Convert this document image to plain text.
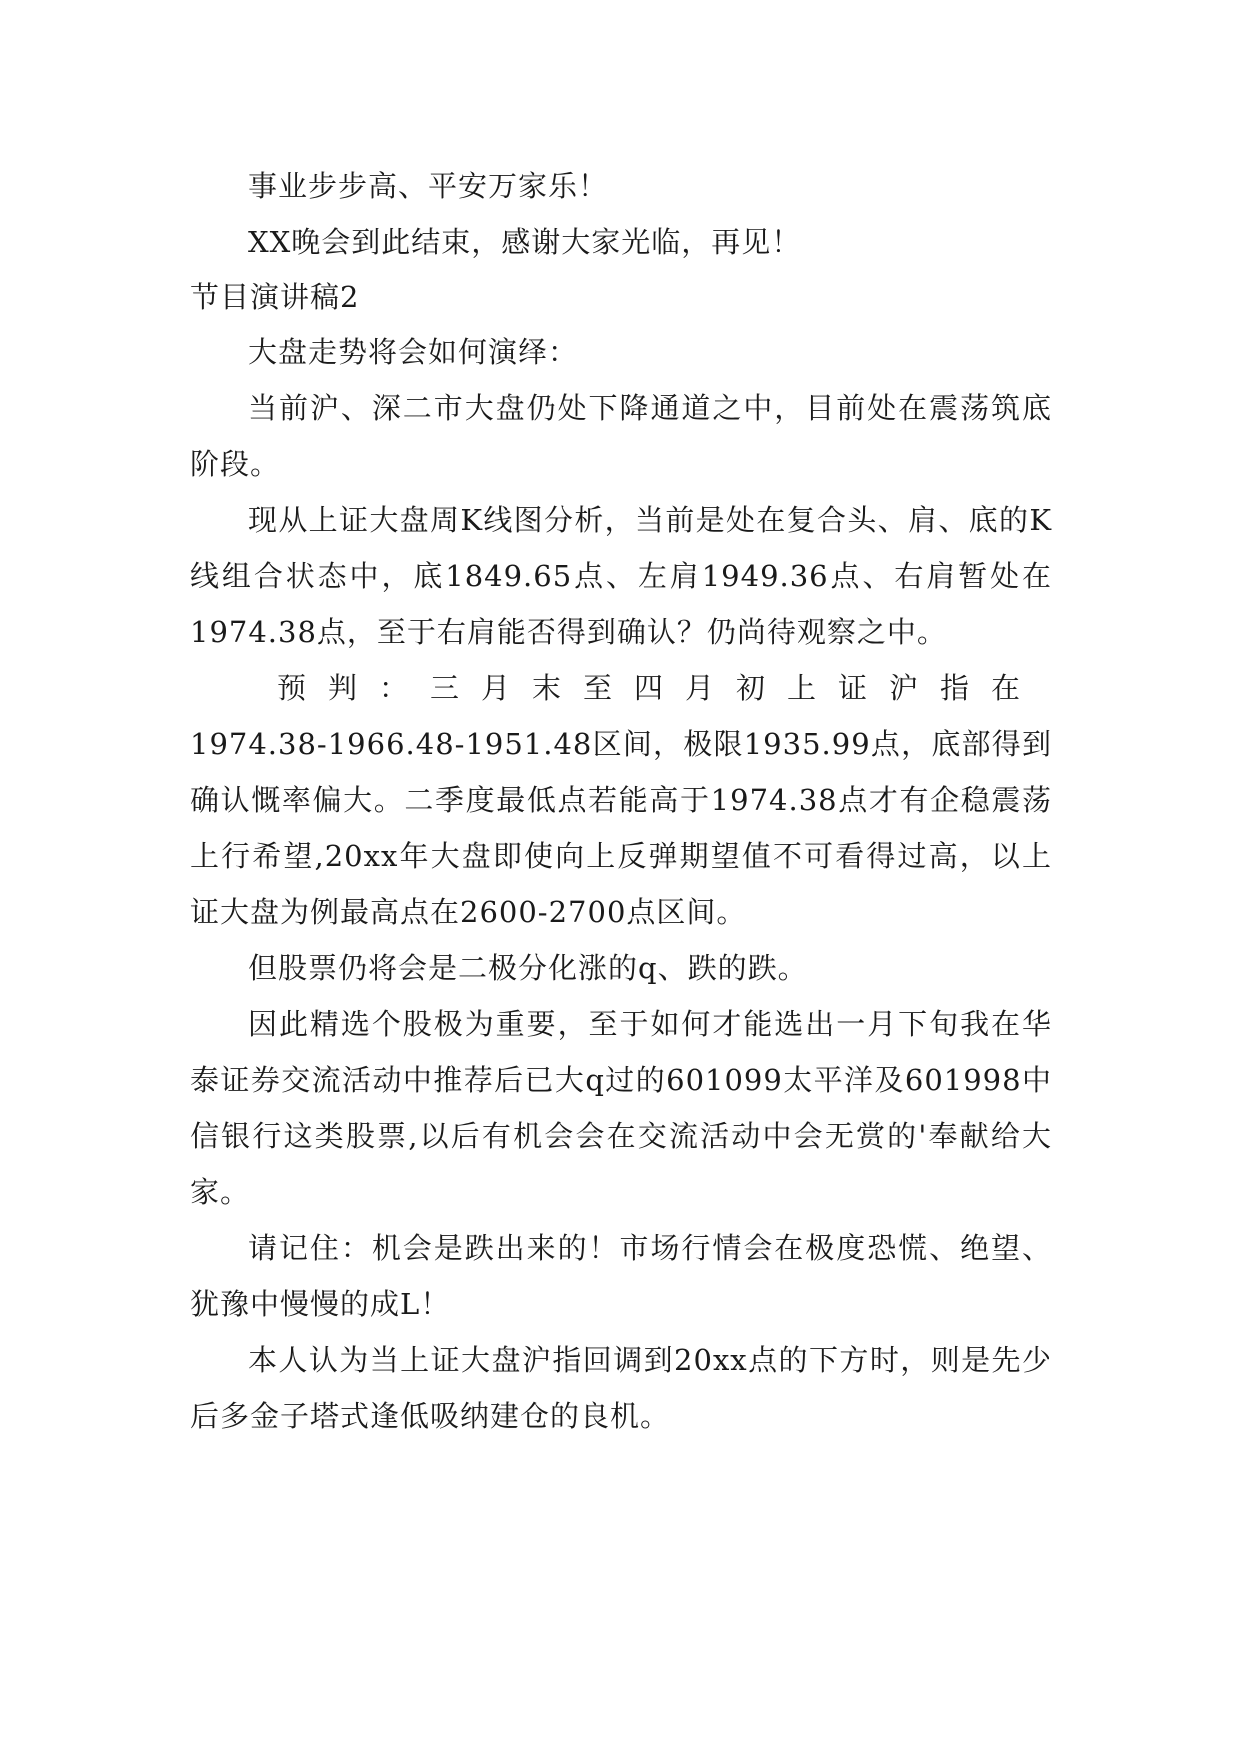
事业步步高、平安万家乐！

XX晚会到此结束，感谢大家光临，再见！

节目演讲稿2

大盘走势将会如何演绎：

当前沪、深二市大盘仍处下降通道之中，目前处在震荡筑底阶段。

现从上证大盘周K线图分析，当前是处在复合头、肩、底的K线组合状态中，底1849.65点、左肩1949.36点、右肩暂处在1974.38点，至于右肩能否得到确认？仍尚待观察之中。

预判：三月末至四月初上证沪指在

1974.38-1966.48-1951.48区间，极限1935.99点，底部得到确认慨率偏大。二季度最低点若能高于1974.38点才有企稳震荡上行希望,20xx年大盘即使向上反弹期望值不可看得过高，以上证大盘为例最高点在2600-2700点区间。

但股票仍将会是二极分化涨的q、跌的跌。

因此精选个股极为重要，至于如何才能选出一月下旬我在华泰证券交流活动中推荐后已大q过的601099太平洋及601998中信银行这类股票,以后有机会会在交流活动中会无赏的'奉献给大家。

请记住：机会是跌出来的！市场行情会在极度恐慌、绝望、犹豫中慢慢的成L！

本人认为当上证大盘沪指回调到20xx点的下方时，则是先少后多金子塔式逢低吸纳建仓的良机。
